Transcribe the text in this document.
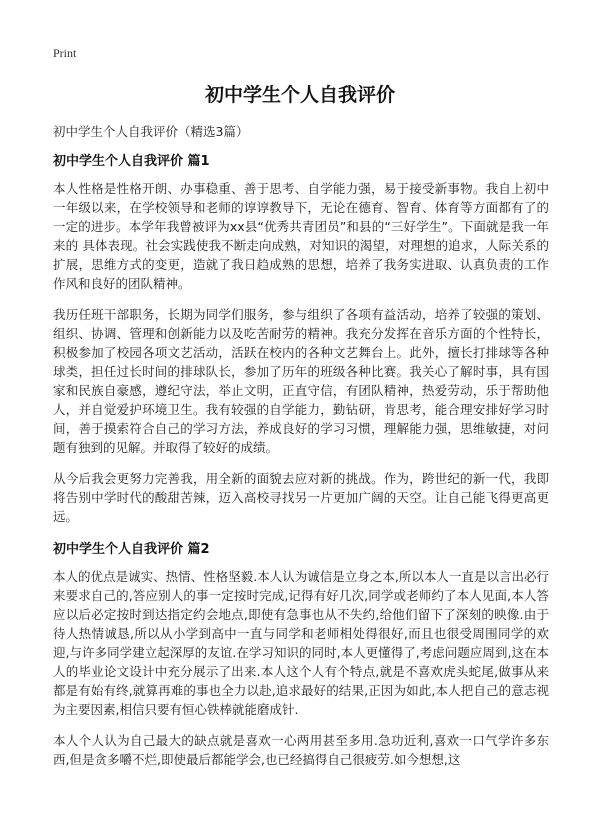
Print
初中学生个人自我评价

初中学生个人自我评价（精选3篇）

初中学生个人自我评价 篇1

本人性格是性格开朗、办事稳重、善于思考、自学能力强，易于接受新事物。我自上初中一年级以来，在学校领导和老师的谆谆教导下，无论在德育、智育、体育等方面都有了的一定的进步。本学年我曾被评为xx县“优秀共青团员”和县的“三好学生”。下面就是我一年来的 具体表现。社会实践使我不断走向成熟，对知识的渴望，对理想的追求，人际关系的扩展，思维方式的变更，造就了我日趋成熟的思想，培养了我务实进取、认真负责的工作作风和良好的团队精神。

我历任班干部职务，长期为同学们服务，参与组织了各项有益活动，培养了较强的策划、组织、协调、管理和创新能力以及吃苦耐劳的精神。我充分发挥在音乐方面的个性特长，积极参加了校园各项文艺活动，活跃在校内的各种文艺舞台上。此外，擅长打排球等各种球类，担任过长时间的排球队长，参加了历年的班级各种比赛。我关心了解时事，具有国家和民族自豪感，遵纪守法，举止文明，正直守信，有团队精神，热爱劳动，乐于帮助他人，并自觉爱护环境卫生。我有较强的自学能力，勤钻研，肯思考，能合理安排好学习时间，善于摸索符合自己的学习方法，养成良好的学习习惯，理解能力强，思维敏捷，对问题有独到的见解。并取得了较好的成绩。

从今后我会更努力完善我，用全新的面貌去应对新的挑战。作为，跨世纪的新一代，我即将告别中学时代的酸甜苦辣，迈入高校寻找另一片更加广阔的天空。让自己能飞得更高更远。

初中学生个人自我评价 篇2

本人的优点是诚实、热情、性格坚毅.本人认为诚信是立身之本,所以本人一直是以言出必行来要求自己的,答应别人的事一定按时完成,记得有好几次,同学或老师约了本人见面,本人答应以后必定按时到达指定约会地点,即使有急事也从不失约,给他们留下了深刻的映像.由于待人热情诚恳,所以从小学到高中一直与同学和老师相处得很好,而且也很受周围同学的欢迎,与许多同学建立起深厚的友谊.在学习知识的同时,本人更懂得了,考虑问题应周到,这在本人的毕业论文设计中充分展示了出来.本人这个人有个特点,就是不喜欢虎头蛇尾,做事从来都是有始有终,就算再难的事也全力以赴,追求最好的结果,正因为如此,本人把自己的意志视为主要因素,相信只要有恒心铁棒就能磨成针.

本人个人认为自己最大的缺点就是喜欢一心两用甚至多用.急功近利,喜欢一口气学许多东西,但是贪多嚼不烂,即使最后都能学会,也已经搞得自己很疲劳.如今想想,这
